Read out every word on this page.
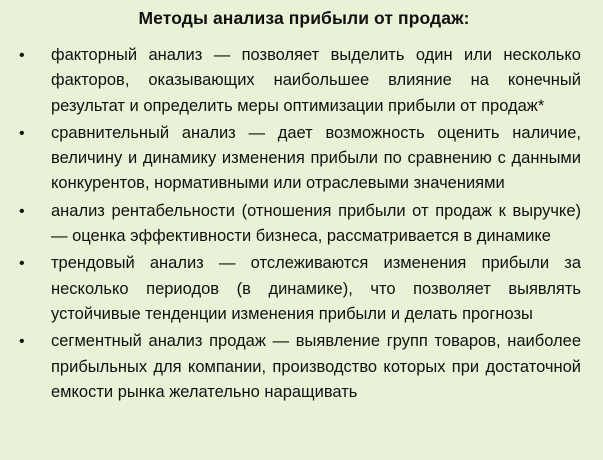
Методы анализа прибыли от продаж:
•	факторный анализ — позволяет выделить один или несколько факторов, оказывающих наибольшее влияние на конечный результат и определить меры оптимизации прибыли от продаж*
•	сравнительный анализ — дает возможность оценить наличие, величину и динамику изменения прибыли по сравнению с данными конкурентов, нормативными или отраслевыми значениями
•	анализ рентабельности (отношения прибыли от продаж к выручке) — оценка эффективности бизнеса, рассматривается в динамике
•	трендовый анализ — отслеживаются изменения прибыли за несколько периодов (в динамике), что позволяет выявлять устойчивые тенденции изменения прибыли и делать прогнозы
•	сегментный анализ продаж — выявление групп товаров, наиболее прибыльных для компании, производство которых при достаточной емкости рынка желательно наращивать
